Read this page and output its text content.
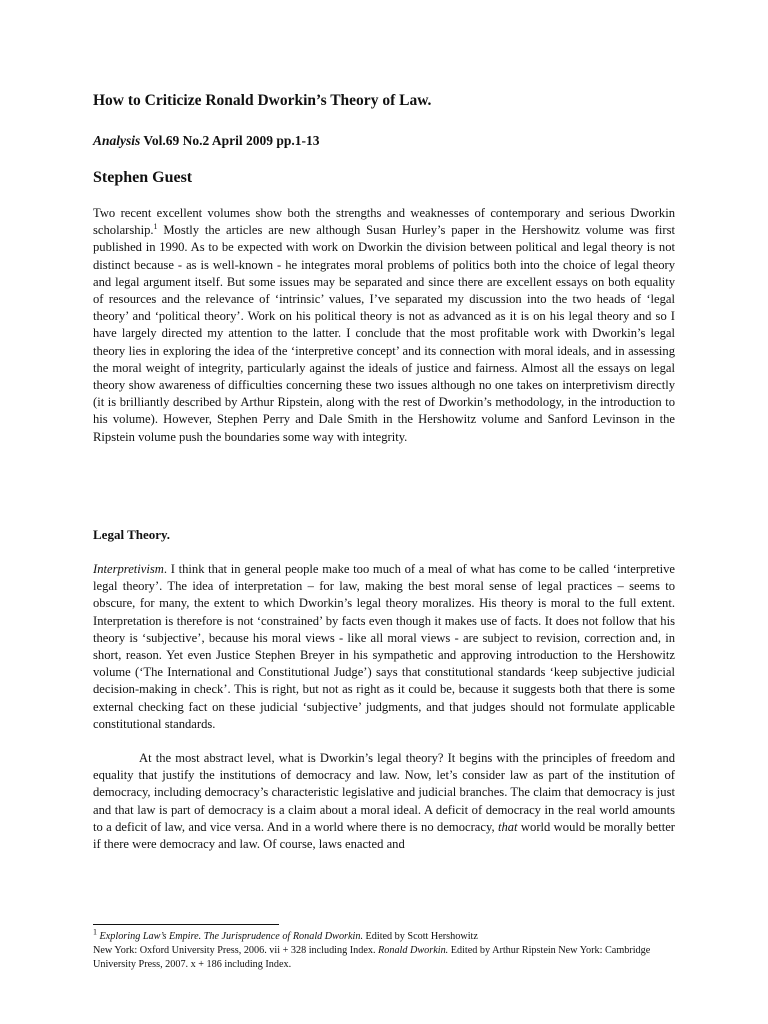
How to Criticize Ronald Dworkin’s Theory of Law.
Analysis Vol.69 No.2 April 2009 pp.1-13
Stephen Guest
Two recent excellent volumes show both the strengths and weaknesses of contemporary and serious Dworkin scholarship.$^1$ Mostly the articles are new although Susan Hurley’s paper in the Hershowitz volume was first published in 1990. As to be expected with work on Dworkin the division between political and legal theory is not distinct because - as is well-known - he integrates moral problems of politics both into the choice of legal theory and legal argument itself. But some issues may be separated and since there are excellent essays on both equality of resources and the relevance of ‘intrinsic’ values, I’ve separated my discussion into the two heads of ‘legal theory’ and ‘political theory’. Work on his political theory is not as advanced as it is on his legal theory and so I have largely directed my attention to the latter. I conclude that the most profitable work with Dworkin’s legal theory lies in exploring the idea of the ‘interpretive concept’ and its connection with moral ideals, and in assessing the moral weight of integrity, particularly against the ideals of justice and fairness. Almost all the essays on legal theory show awareness of difficulties concerning these two issues although no one takes on interpretivism directly (it is brilliantly described by Arthur Ripstein, along with the rest of Dworkin’s methodology, in the introduction to his volume). However, Stephen Perry and Dale Smith in the Hershowitz volume and Sanford Levinson in the Ripstein volume push the boundaries some way with integrity.
Legal Theory.
Interpretivism. I think that in general people make too much of a meal of what has come to be called ‘interpretive legal theory’. The idea of interpretation – for law, making the best moral sense of legal practices – seems to obscure, for many, the extent to which Dworkin’s legal theory moralizes. His theory is moral to the full extent. Interpretation is therefore is not ‘constrained’ by facts even though it makes use of facts. It does not follow that his theory is ‘subjective’, because his moral views - like all moral views - are subject to revision, correction and, in short, reason. Yet even Justice Stephen Breyer in his sympathetic and approving introduction to the Hershowitz volume (‘The International and Constitutional Judge’) says that constitutional standards ‘keep subjective judicial decision-making in check’. This is right, but not as right as it could be, because it suggests both that there is some external checking fact on these judicial ‘subjective’ judgments, and that judges should not formulate applicable constitutional standards.
At the most abstract level, what is Dworkin’s legal theory? It begins with the principles of freedom and equality that justify the institutions of democracy and law. Now, let’s consider law as part of the institution of democracy, including democracy’s characteristic legislative and judicial branches. The claim that democracy is just and that law is part of democracy is a claim about a moral ideal. A deficit of democracy in the real world amounts to a deficit of law, and vice versa. And in a world where there is no democracy, that world would be morally better if there were democracy and law. Of course, laws enacted and
$^1$ Exploring Law’s Empire. The Jurisprudence of Ronald Dworkin. Edited by Scott Hershowitz
New York: Oxford University Press, 2006. vii + 328 including Index. Ronald Dworkin. Edited by Arthur Ripstein New York: Cambridge University Press, 2007. x + 186 including Index.
